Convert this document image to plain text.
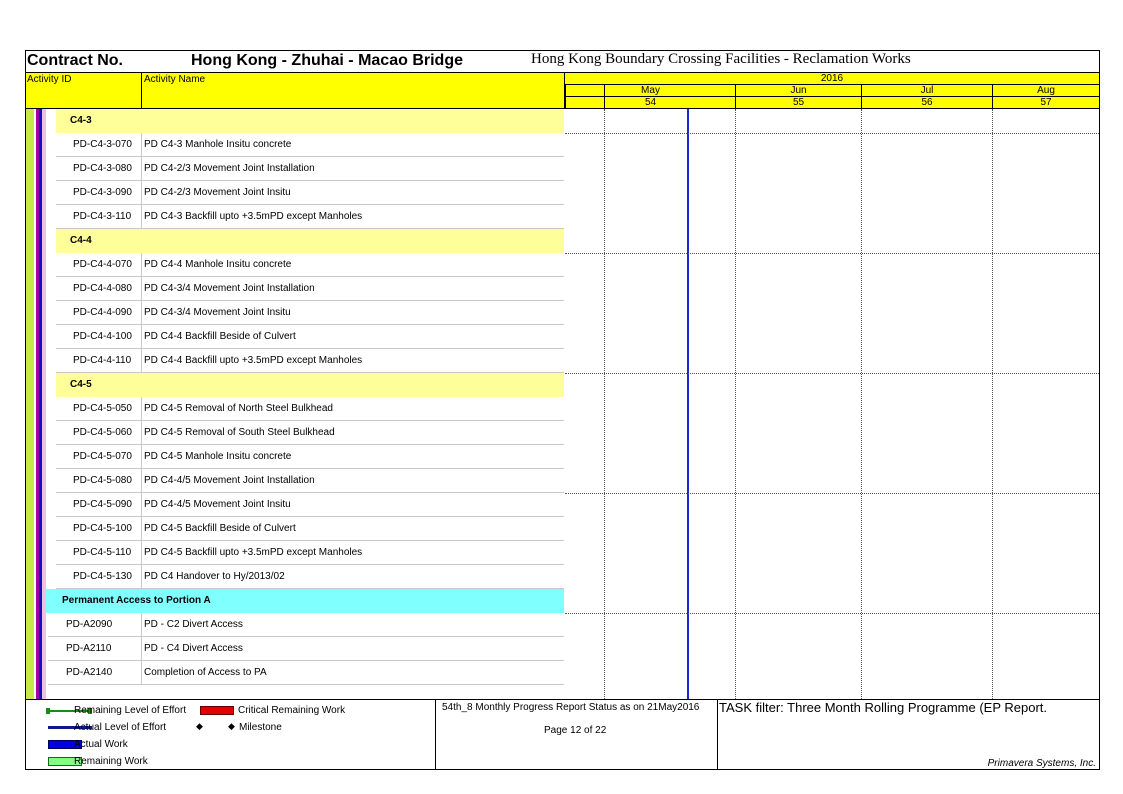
Contract No.	Hong Kong - Zhuhai - Macao Bridge	Hong Kong Boundary Crossing Facilities - Reclamation Works
Activity ID	Activity Name	2016
May
54
Jun
55
Jul
56
Aug
57
C4-3
PD-C4-3-070 PD C4-3 Manhole Insitu concrete
PD-C4-3-080 PD C4-2/3 Movement Joint Installation
PD-C4-3-090 PD C4-2/3 Movement Joint Insitu
PD-C4-3-110 PD C4-3 Backfill upto +3.5mPD except Manholes
C4-4
PD-C4-4-070 PD C4-4 Manhole Insitu concrete
PD-C4-4-080 PD C4-3/4 Movement Joint Installation
PD-C4-4-090 PD C4-3/4 Movement Joint Insitu
PD-C4-4-100 PD C4-4 Backfill Beside of Culvert
PD-C4-4-110 PD C4-4 Backfill upto +3.5mPD except Manholes
C4-5
PD-C4-5-050 PD C4-5 Removal of North Steel Bulkhead
PD-C4-5-060 PD C4-5 Removal of South Steel Bulkhead
PD-C4-5-070 PD C4-5 Manhole Insitu concrete
PD-C4-5-080 PD C4-4/5 Movement Joint Installation
PD-C4-5-090 PD C4-4/5 Movement Joint Insitu
PD-C4-5-100 PD C4-5 Backfill Beside of Culvert
PD-C4-5-110 PD C4-5 Backfill upto +3.5mPD except Manholes
PD-C4-5-130 PD C4 Handover to Hy/2013/02
Permanent Access to Portion A
PD-A2090	PD - C2 Divert Access
PD-A2110	PD - C4 Divert Access
PD-A2140	Completion of Access to PA
Remaining Level of Effort	Critical Remaining Work
Actual Level of Effort	◆	◆ Milestone
Actual Work
Remaining Work
54th_8 Monthly Progress Report Status as on 21May2016
Page 12 of 22
TASK filter: Three Month Rolling Programme (EP Report.
Primavera Systems, Inc.
